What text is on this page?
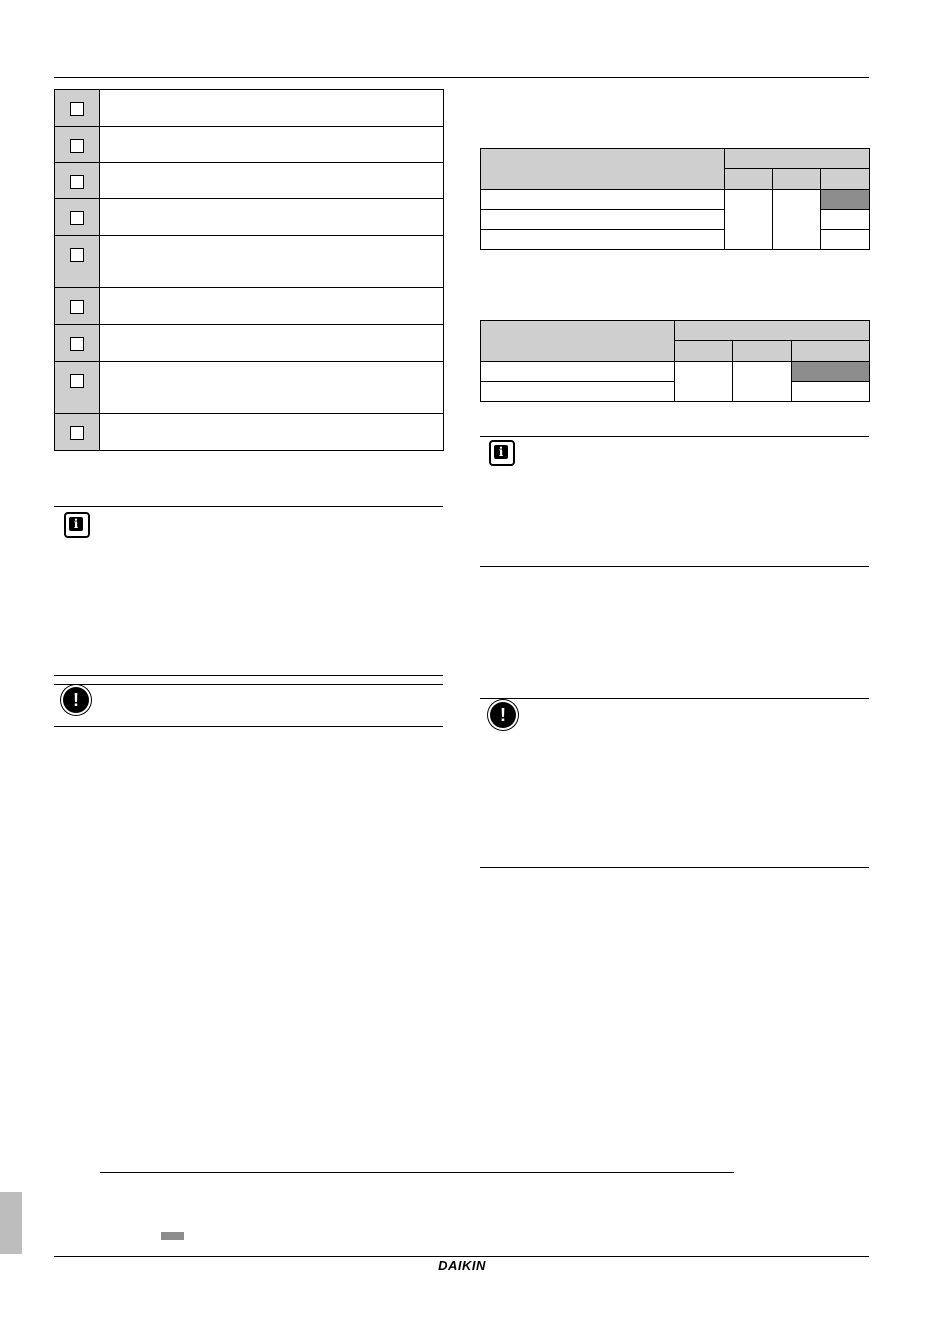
i
!

i
!
DAIKIN
